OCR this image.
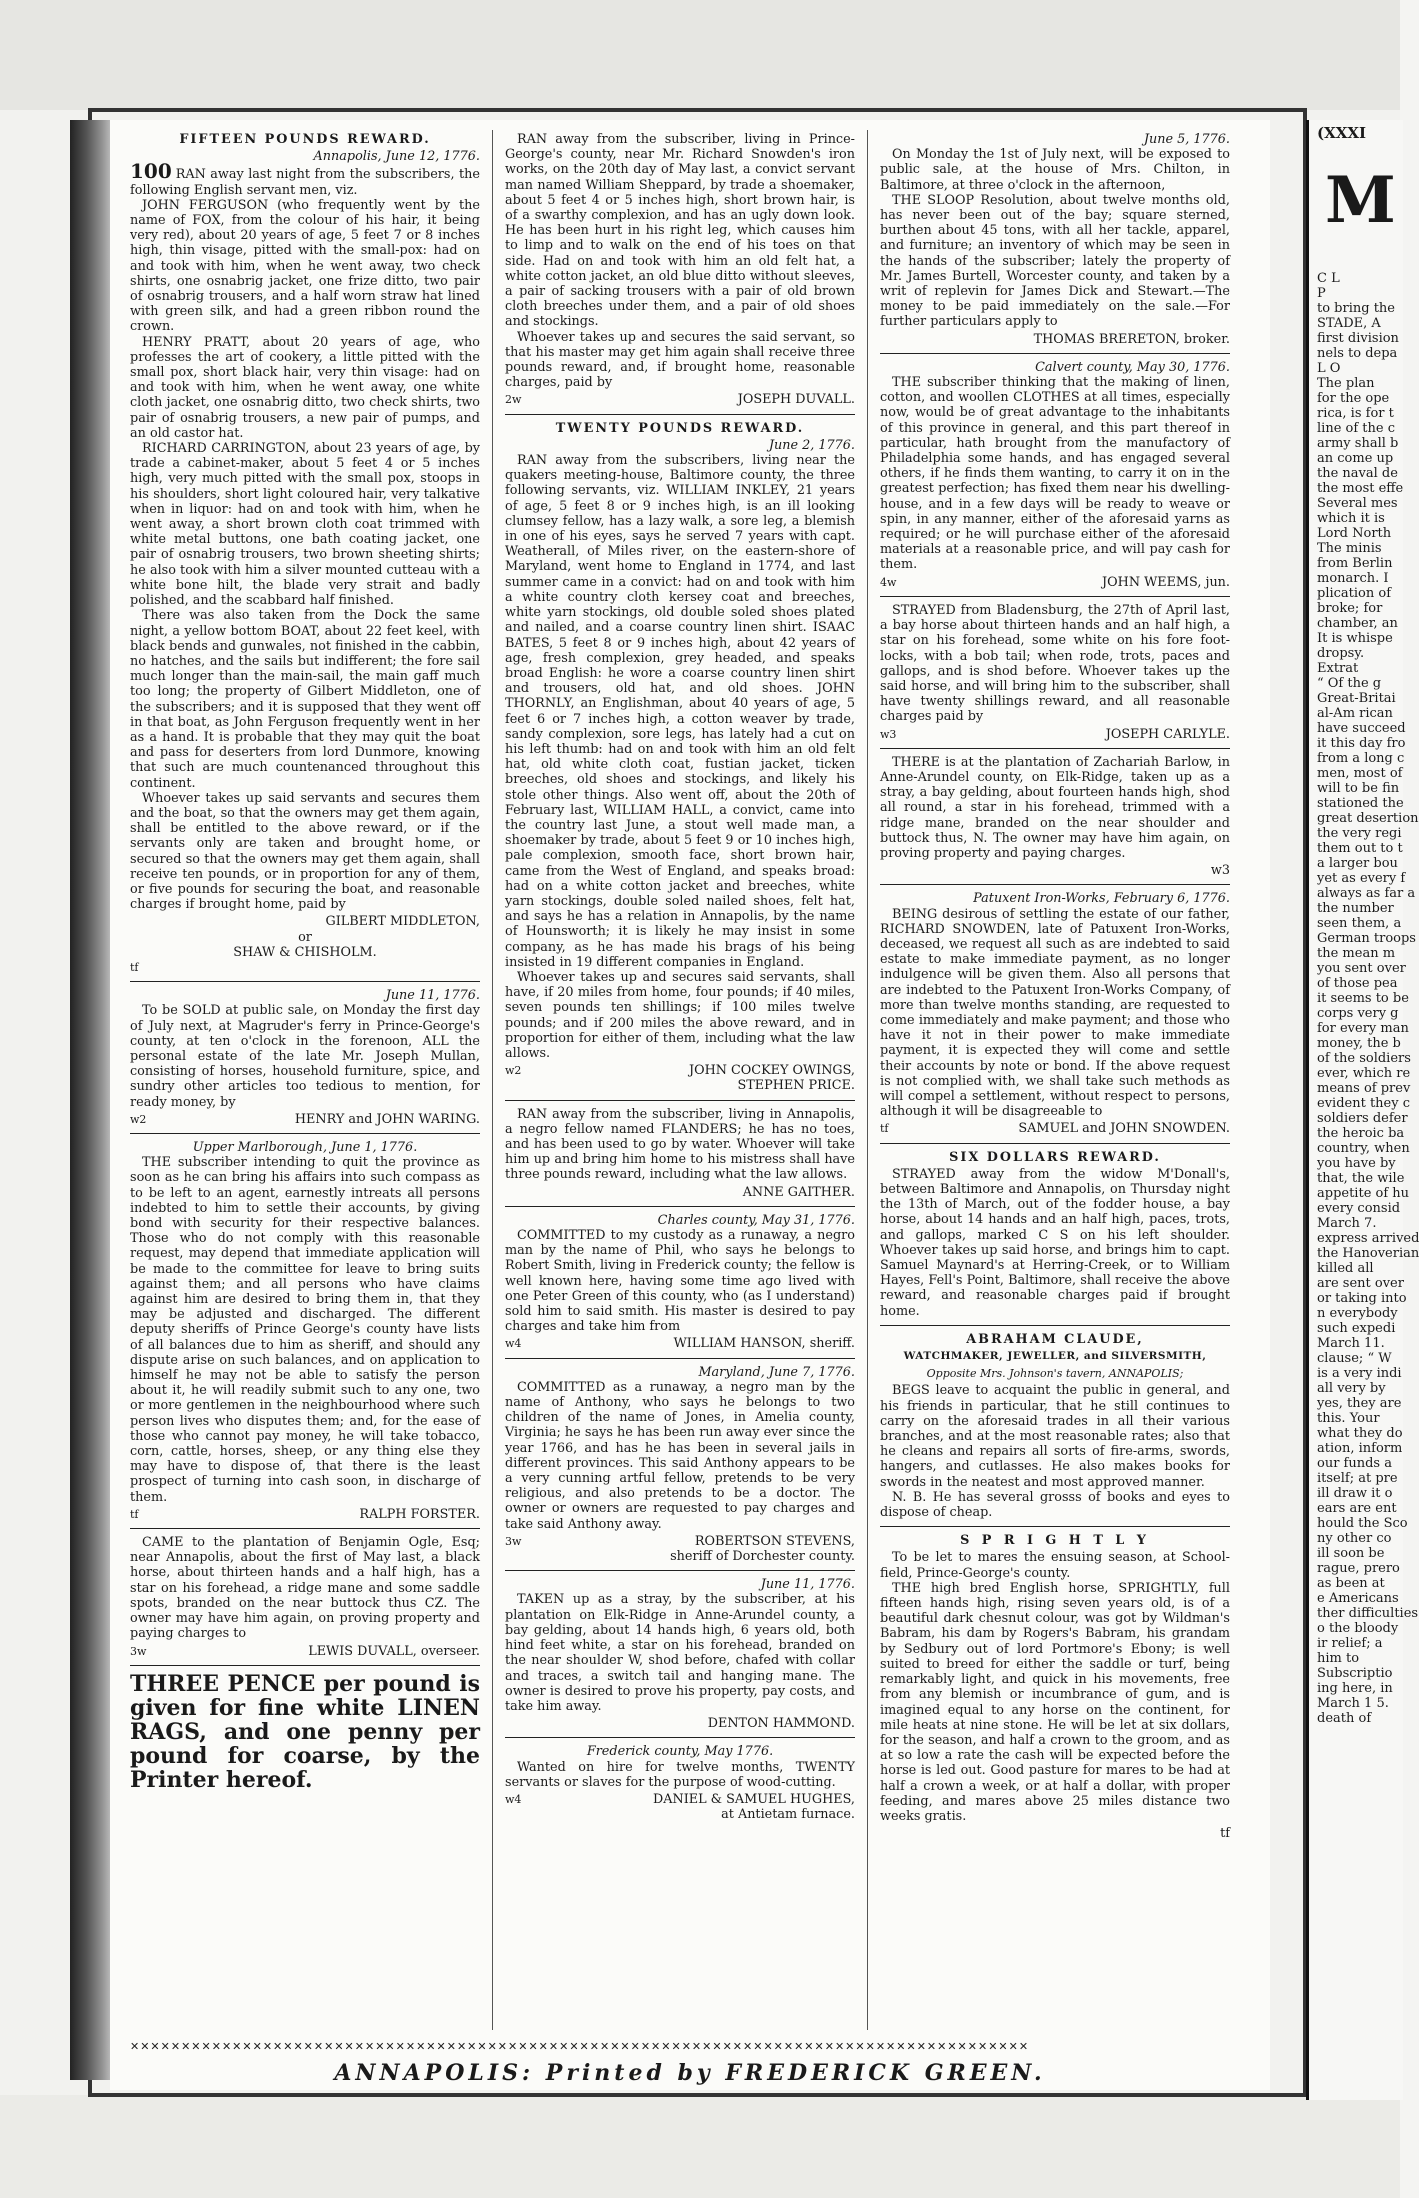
FIFTEEN POUNDS REWARD.

Annapolis, June 12, 1776.

100 RAN away last night from the subscribers, the following English servant men, viz.

JOHN FERGUSON (who frequently went by the name of FOX, from the colour of his hair, it being very red), about 20 years of age, 5 feet 7 or 8 inches high, thin visage, pitted with the small-pox: had on and took with him, when he went away, two check shirts, one osnabrig jacket, one frize ditto, two pair of osnabrig trousers, and a half worn straw hat lined with green silk, and had a green ribbon round the crown.

HENRY PRATT, about 20 years of age, who professes the art of cookery, a little pitted with the small pox, short black hair, very thin visage: had on and took with him, when he went away, one white cloth jacket, one osnabrig ditto, two check shirts, two pair of osnabrig trousers, a new pair of pumps, and an old castor hat.

RICHARD CARRINGTON, about 23 years of age, by trade a cabinet-maker, about 5 feet 4 or 5 inches high, very much pitted with the small pox, stoops in his shoulders, short light coloured hair, very talkative when in liquor: had on and took with him, when he went away, a short brown cloth coat trimmed with white metal buttons, one bath coating jacket, one pair of osnabrig trousers, two brown sheeting shirts; he also took with him a silver mounted cutteau with a white bone hilt, the blade very strait and badly polished, and the scabbard half finished.

There was also taken from the Dock the same night, a yellow bottom BOAT, about 22 feet keel, with black bends and gunwales, not finished in the cabbin, no hatches, and the sails but indifferent; the fore sail much longer than the main-sail, the main gaff much too long; the property of Gilbert Middleton, one of the subscribers; and it is supposed that they went off in that boat, as John Ferguson frequently went in her as a hand. It is probable that they may quit the boat and pass for deserters from lord Dunmore, knowing that such are much countenanced throughout this continent.

Whoever takes up said servants and secures them and the boat, so that the owners may get them again, shall be entitled to the above reward, or if the servants only are taken and brought home, or secured so that the owners may get them again, shall receive ten pounds, or in proportion for any of them, or five pounds for securing the boat, and reasonable charges if brought home, paid by

GILBERT MIDDLETON,

or

SHAW & CHISHOLM.

tf

June 11, 1776.

To be SOLD at public sale, on Monday the first day of July next, at Magruder's ferry in Prince-George's county, at ten o'clock in the forenoon, ALL the personal estate of the late Mr. Joseph Mullan, consisting of horses, household furniture, spice, and sundry other articles too tedious to mention, for ready money, by

w2	HENRY and JOHN WARING.

Upper Marlborough, June 1, 1776.

THE subscriber intending to quit the province as soon as he can bring his affairs into such compass as to be left to an agent, earnestly intreats all persons indebted to him to settle their accounts, by giving bond with security for their respective balances. Those who do not comply with this reasonable request, may depend that immediate application will be made to the committee for leave to bring suits against them; and all persons who have claims against him are desired to bring them in, that they may be adjusted and discharged. The different deputy sheriffs of Prince George's county have lists of all balances due to him as sheriff, and should any dispute arise on such balances, and on application to himself he may not be able to satisfy the person about it, he will readily submit such to any one, two or more gentlemen in the neighbourhood where such person lives who disputes them; and, for the ease of those who cannot pay money, he will take tobacco, corn, cattle, horses, sheep, or any thing else they may have to dispose of, that there is the least prospect of turning into cash soon, in discharge of them.

tf	RALPH FORSTER.

CAME to the plantation of Benjamin Ogle, Esq; near Annapolis, about the first of May last, a black horse, about thirteen hands and a half high, has a star on his forehead, a ridge mane and some saddle spots, branded on the near buttock thus CZ. The owner may have him again, on proving property and paying charges to

3w	LEWIS DUVALL, overseer.

THREE PENCE per pound is given for fine white LINEN RAGS, and one penny per pound for coarse, by the Printer hereof.

RAN away from the subscriber, living in Prince-George's county, near Mr. Richard Snowden's iron works, on the 20th day of May last, a convict servant man named William Sheppard, by trade a shoemaker, about 5 feet 4 or 5 inches high, short brown hair, is of a swarthy complexion, and has an ugly down look. He has been hurt in his right leg, which causes him to limp and to walk on the end of his toes on that side. Had on and took with him an old felt hat, a white cotton jacket, an old blue ditto without sleeves, a pair of sacking trousers with a pair of old brown cloth breeches under them, and a pair of old shoes and stockings.

Whoever takes up and secures the said servant, so that his master may get him again shall receive three pounds reward, and, if brought home, reasonable charges, paid by

2w	JOSEPH DUVALL.

TWENTY POUNDS REWARD.

June 2, 1776.

RAN away from the subscribers, living near the quakers meeting-house, Baltimore county, the three following servants, viz. WILLIAM INKLEY, 21 years of age, 5 feet 8 or 9 inches high, is an ill looking clumsey fellow, has a lazy walk, a sore leg, a blemish in one of his eyes, says he served 7 years with capt. Weatherall, of Miles river, on the eastern-shore of Maryland, went home to England in 1774, and last summer came in a convict: had on and took with him a white country cloth kersey coat and breeches, white yarn stockings, old double soled shoes plated and nailed, and a coarse country linen shirt. ISAAC BATES, 5 feet 8 or 9 inches high, about 42 years of age, fresh complexion, grey headed, and speaks broad English: he wore a coarse country linen shirt and trousers, old hat, and old shoes. JOHN THORNLY, an Englishman, about 40 years of age, 5 feet 6 or 7 inches high, a cotton weaver by trade, sandy complexion, sore legs, has lately had a cut on his left thumb: had on and took with him an old felt hat, old white cloth coat, fustian jacket, ticken breeches, old shoes and stockings, and likely his stole other things. Also went off, about the 20th of February last, WILLIAM HALL, a convict, came into the country last June, a stout well made man, a shoemaker by trade, about 5 feet 9 or 10 inches high, pale complexion, smooth face, short brown hair, came from the West of England, and speaks broad: had on a white cotton jacket and breeches, white yarn stockings, double soled nailed shoes, felt hat, and says he has a relation in Annapolis, by the name of Hounsworth; it is likely he may insist in some company, as he has made his brags of his being insisted in 19 different companies in England.

Whoever takes up and secures said servants, shall have, if 20 miles from home, four pounds; if 40 miles, seven pounds ten shillings; if 100 miles twelve pounds; and if 200 miles the above reward, and in proportion for either of them, including what the law allows.

w2	JOHN COCKEY OWINGS,

STEPHEN PRICE.

RAN away from the subscriber, living in Annapolis, a negro fellow named FLANDERS; he has no toes, and has been used to go by water. Whoever will take him up and bring him home to his mistress shall have three pounds reward, including what the law allows.

ANNE GAITHER.

Charles county, May 31, 1776.

COMMITTED to my custody as a runaway, a negro man by the name of Phil, who says he belongs to Robert Smith, living in Frederick county; the fellow is well known here, having some time ago lived with one Peter Green of this county, who (as I understand) sold him to said smith. His master is desired to pay charges and take him from

w4	WILLIAM HANSON, sheriff.

Maryland, June 7, 1776.

COMMITTED as a runaway, a negro man by the name of Anthony, who says he belongs to two children of the name of Jones, in Amelia county, Virginia; he says he has been run away ever since the year 1766, and has he has been in several jails in different provinces. This said Anthony appears to be a very cunning artful fellow, pretends to be very religious, and also pretends to be a doctor. The owner or owners are requested to pay charges and take said Anthony away.

3w	ROBERTSON STEVENS,

sheriff of Dorchester county.

June 11, 1776.

TAKEN up as a stray, by the subscriber, at his plantation on Elk-Ridge in Anne-Arundel county, a bay gelding, about 14 hands high, 6 years old, both hind feet white, a star on his forehead, branded on the near shoulder W, shod before, chafed with collar and traces, a switch tail and hanging mane. The owner is desired to prove his property, pay costs, and take him away.

DENTON HAMMOND.

Frederick county, May 1776.

Wanted on hire for twelve months, TWENTY servants or slaves for the purpose of wood-cutting.

w4	DANIEL & SAMUEL HUGHES,

at Antietam furnace.

June 5, 1776.

On Monday the 1st of July next, will be exposed to public sale, at the house of Mrs. Chilton, in Baltimore, at three o'clock in the afternoon,

THE SLOOP Resolution, about twelve months old, has never been out of the bay; square sterned, burthen about 45 tons, with all her tackle, apparel, and furniture; an inventory of which may be seen in the hands of the subscriber; lately the property of Mr. James Burtell, Worcester county, and taken by a writ of replevin for James Dick and Stewart.—The money to be paid immediately on the sale.—For further particulars apply to

THOMAS BRERETON, broker.

Calvert county, May 30, 1776.

THE subscriber thinking that the making of linen, cotton, and woollen CLOTHES at all times, especially now, would be of great advantage to the inhabitants of this province in general, and this part thereof in particular, hath brought from the manufactory of Philadelphia some hands, and has engaged several others, if he finds them wanting, to carry it on in the greatest perfection; has fixed them near his dwelling-house, and in a few days will be ready to weave or spin, in any manner, either of the aforesaid yarns as required; or he will purchase either of the aforesaid materials at a reasonable price, and will pay cash for them.

4w	JOHN WEEMS, jun.

STRAYED from Bladensburg, the 27th of April last, a bay horse about thirteen hands and an half high, a star on his forehead, some white on his fore foot-locks, with a bob tail; when rode, trots, paces and gallops, and is shod before. Whoever takes up the said horse, and will bring him to the subscriber, shall have twenty shillings reward, and all reasonable charges paid by

w3	JOSEPH CARLYLE.

THERE is at the plantation of Zachariah Barlow, in Anne-Arundel county, on Elk-Ridge, taken up as a stray, a bay gelding, about fourteen hands high, shod all round, a star in his forehead, trimmed with a ridge mane, branded on the near shoulder and buttock thus, N. The owner may have him again, on proving property and paying charges.

w3

Patuxent Iron-Works, February 6, 1776.

BEING desirous of settling the estate of our father, RICHARD SNOWDEN, late of Patuxent Iron-Works, deceased, we request all such as are indebted to said estate to make immediate payment, as no longer indulgence will be given them. Also all persons that are indebted to the Patuxent Iron-Works Company, of more than twelve months standing, are requested to come immediately and make payment; and those who have it not in their power to make immediate payment, it is expected they will come and settle their accounts by note or bond. If the above request is not complied with, we shall take such methods as will compel a settlement, without respect to persons, although it will be disagreeable to

tf	SAMUEL and JOHN SNOWDEN.

SIX DOLLARS REWARD.

STRAYED away from the widow M'Donall's, between Baltimore and Annapolis, on Thursday night the 13th of March, out of the fodder house, a bay horse, about 14 hands and an half high, paces, trots, and gallops, marked C S on his left shoulder. Whoever takes up said horse, and brings him to capt. Samuel Maynard's at Herring-Creek, or to William Hayes, Fell's Point, Baltimore, shall receive the above reward, and reasonable charges paid if brought home.

ABRAHAM CLAUDE,

WATCHMAKER, JEWELLER, and SILVERSMITH,

Opposite Mrs. Johnson's tavern, ANNAPOLIS;

BEGS leave to acquaint the public in general, and his friends in particular, that he still continues to carry on the aforesaid trades in all their various branches, and at the most reasonable rates; also that he cleans and repairs all sorts of fire-arms, swords, hangers, and cutlasses. He also makes books for swords in the neatest and most approved manner.

N. B. He has several grosss of books and eyes to dispose of cheap.

S P R I G H T L Y

To be let to mares the ensuing season, at School-field, Prince-George's county.

THE high bred English horse, SPRIGHTLY, full fifteen hands high, rising seven years old, is of a beautiful dark chesnut colour, was got by Wildman's Babram, his dam by Rogers's Babram, his grandam by Sedbury out of lord Portmore's Ebony; is well suited to breed for either the saddle or turf, being remarkably light, and quick in his movements, free from any blemish or incumbrance of gum, and is imagined equal to any horse on the continent, for mile heats at nine stone. He will be let at six dollars, for the season, and half a crown to the groom, and as at so low a rate the cash will be expected before the horse is led out. Good pasture for mares to be had at half a crown a week, or at half a dollar, with proper feeding, and mares above 25 miles distance two weeks gratis.

tf

✕✕✕✕✕✕✕✕✕✕✕✕✕✕✕✕✕✕✕✕✕✕✕✕✕✕✕✕✕✕✕✕✕✕✕✕✕✕✕✕✕✕✕✕✕✕✕✕✕✕✕✕✕✕✕✕✕✕✕✕✕✕✕✕✕✕✕✕✕✕✕✕✕✕✕✕✕✕✕✕✕✕✕✕✕✕✕✕
ANNAPOLIS: Printed by FREDERICK GREEN.

(XXXI

M

C L

P

to bring the

STADE, A

first division

nels to depa

L O

The plan

for the ope

rica, is for t

line of the c

army shall b

an come up

the naval de

the most effe

Several mes

which it is

Lord North

The minis

from Berlin

monarch. I

plication of

broke; for

chamber, an

It is whispe

dropsy.

Extrat

“ Of the g

Great-Britai

al-Am rican

have succeed

it this day fro

from a long c

men, most of

will to be fin

stationed the

great desertion

the very regi

them out to t

a larger bou

yet as every f

always as far a

the number

seen them, a

German troops

the mean m

you sent over

of those pea

it seems to be

corps very g

for every man

money, the b

of the soldiers

ever, which re

means of prev

evident they c

soldiers defer

the heroic ba

country, when

you have by

that, the wile

appetite of hu

every consid

March 7.

express arrived

the Hanoverian

killed all

are sent over

or taking into

n everybody

such expedi

March 11.

clause; “ W

is a very indi

all very by

yes, they are

this. Your

what they do

ation, inform

our funds a

itself; at pre

ill draw it o

ears are ent

hould the Sco

ny other co

ill soon be

rague, prero

as been at

e Americans

ther difficulties

o the bloody

ir relief; a

him to

Subscriptio

ing here, in

March 1 5.

death of
